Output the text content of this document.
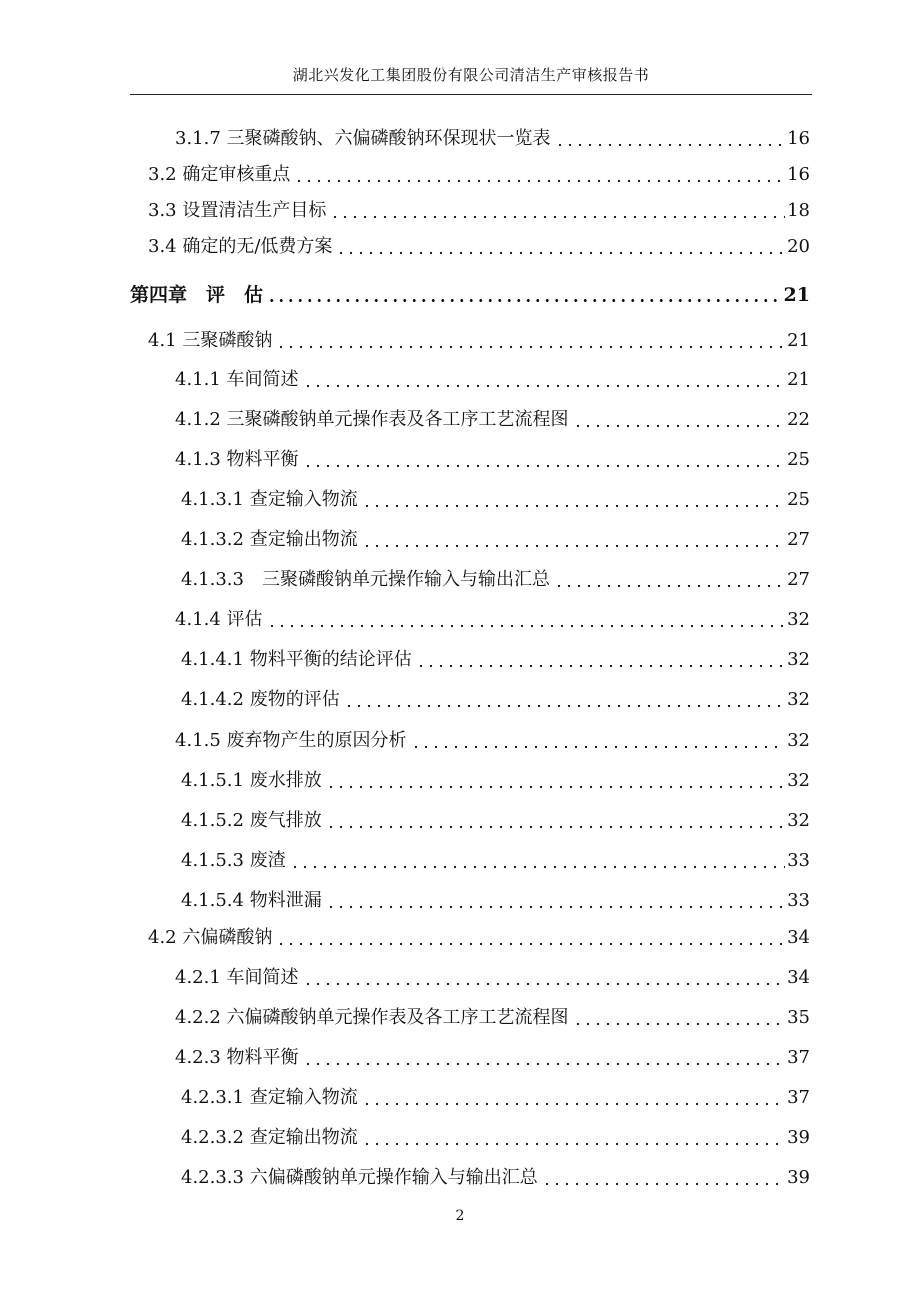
湖北兴发化工集团股份有限公司清洁生产审核报告书
3.1.7 三聚磷酸钠、六偏磷酸钠环保现状一览表	16
3.2 确定审核重点	16
3.3 设置清洁生产目标	18
3.4 确定的无/低费方案	20
第四章　评　估	21
4.1 三聚磷酸钠	21
4.1.1 车间简述	21
4.1.2 三聚磷酸钠单元操作表及各工序工艺流程图	22
4.1.3 物料平衡	25
4.1.3.1 查定输入物流	25
4.1.3.2 查定输出物流	27
4.1.3.3　三聚磷酸钠单元操作输入与输出汇总	27
4.1.4 评估	32
4.1.4.1 物料平衡的结论评估	32
4.1.4.2 废物的评估	32
4.1.5 废弃物产生的原因分析	32
4.1.5.1 废水排放	32
4.1.5.2 废气排放	32
4.1.5.3 废渣	33
4.1.5.4 物料泄漏	33
4.2 六偏磷酸钠	34
4.2.1 车间简述	34
4.2.2 六偏磷酸钠单元操作表及各工序工艺流程图	35
4.2.3 物料平衡	37
4.2.3.1 查定输入物流	37
4.2.3.2 查定输出物流	39
4.2.3.3 六偏磷酸钠单元操作输入与输出汇总	39
2
